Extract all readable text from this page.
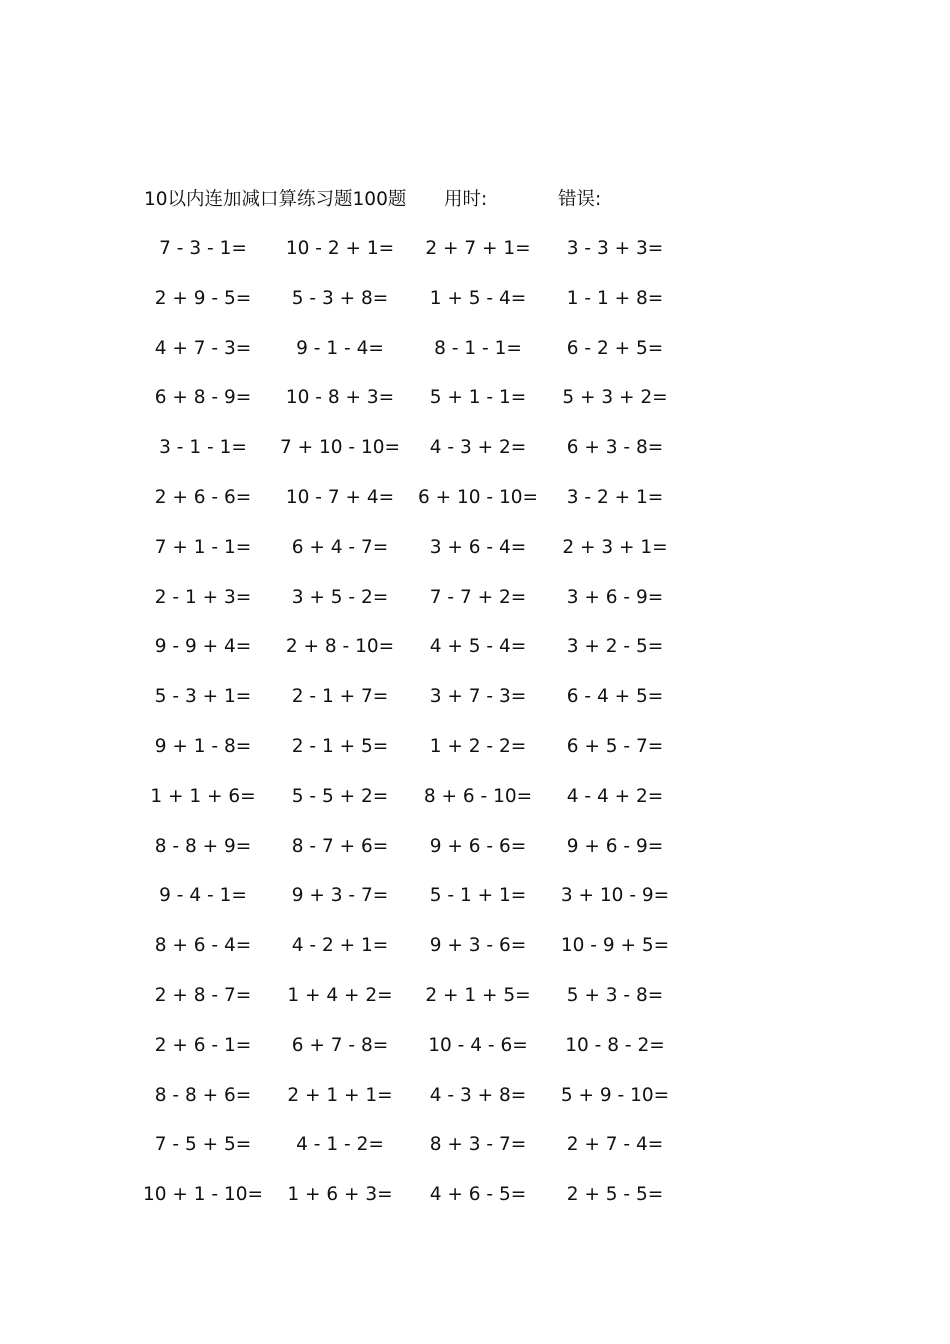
10以内连加减口算练习题100题 用时:	错误:
7 - 3 - 1=	10 - 2 + 1=	2 + 7 + 1=	3 - 3 + 3=
2 + 9 - 5=	5 - 3 + 8=	1 + 5 - 4=	1 - 1 + 8=
4 + 7 - 3=	9 - 1 - 4=	8 - 1 - 1=	6 - 2 + 5=
6 + 8 - 9=	10 - 8 + 3=	5 + 1 - 1=	5 + 3 + 2=
3 - 1 - 1=	7 + 10 - 10=	4 - 3 + 2=	6 + 3 - 8=
2 + 6 - 6=	10 - 7 + 4=	6 + 10 - 10=	3 - 2 + 1=
7 + 1 - 1=	6 + 4 - 7=	3 + 6 - 4=	2 + 3 + 1=
2 - 1 + 3=	3 + 5 - 2=	7 - 7 + 2=	3 + 6 - 9=
9 - 9 + 4=	2 + 8 - 10=	4 + 5 - 4=	3 + 2 - 5=
5 - 3 + 1=	2 - 1 + 7=	3 + 7 - 3=	6 - 4 + 5=
9 + 1 - 8=	2 - 1 + 5=	1 + 2 - 2=	6 + 5 - 7=
1 + 1 + 6=	5 - 5 + 2=	8 + 6 - 10=	4 - 4 + 2=
8 - 8 + 9=	8 - 7 + 6=	9 + 6 - 6=	9 + 6 - 9=
9 - 4 - 1=	9 + 3 - 7=	5 - 1 + 1=	3 + 10 - 9=
8 + 6 - 4=	4 - 2 + 1=	9 + 3 - 6=	10 - 9 + 5=
2 + 8 - 7=	1 + 4 + 2=	2 + 1 + 5=	5 + 3 - 8=
2 + 6 - 1=	6 + 7 - 8=	10 - 4 - 6=	10 - 8 - 2=
8 - 8 + 6=	2 + 1 + 1=	4 - 3 + 8=	5 + 9 - 10=
7 - 5 + 5=	4 - 1 - 2=	8 + 3 - 7=	2 + 7 - 4=
10 + 1 - 10=	1 + 6 + 3=	4 + 6 - 5=	2 + 5 - 5=
